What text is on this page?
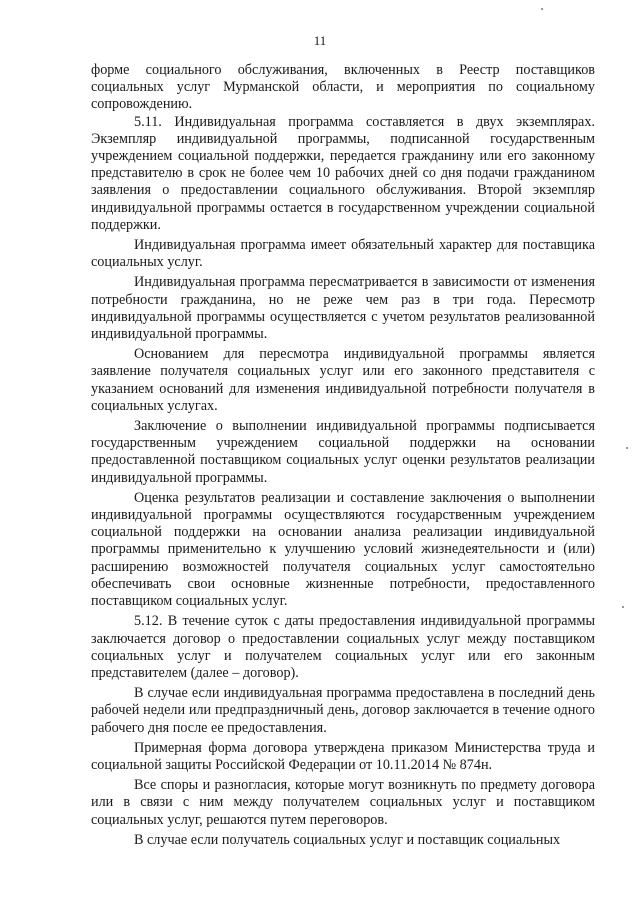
11

форме социального обслуживания, включенных в Реестр поставщиков социальных услуг Мурманской области, и мероприятия по социальному сопровождению.

5.11. Индивидуальная программа составляется в двух экземплярах. Экземпляр индивидуальной программы, подписанной государственным учреждением социальной поддержки, передается гражданину или его законному представителю в срок не более чем 10 рабочих дней со дня подачи гражданином заявления о предоставлении социального обслуживания. Второй экземпляр индивидуальной программы остается в государственном учреждении социальной поддержки.

Индивидуальная программа имеет обязательный характер для поставщика социальных услуг.

Индивидуальная программа пересматривается в зависимости от изменения потребности гражданина, но не реже чем раз в три года. Пересмотр индивидуальной программы осуществляется с учетом результатов реализованной индивидуальной программы.

Основанием для пересмотра индивидуальной программы является заявление получателя социальных услуг или его законного представителя с указанием оснований для изменения индивидуальной потребности получателя в социальных услугах.

Заключение о выполнении индивидуальной программы подписывается государственным учреждением социальной поддержки на основании предоставленной поставщиком социальных услуг оценки результатов реализации индивидуальной программы.

Оценка результатов реализации и составление заключения о выполнении индивидуальной программы осуществляются государственным учреждением социальной поддержки на основании анализа реализации индивидуальной программы применительно к улучшению условий жизнедеятельности и (или) расширению возможностей получателя социальных услуг самостоятельно обеспечивать свои основные жизненные потребности, предоставленного поставщиком социальных услуг.

5.12. В течение суток с даты предоставления индивидуальной программы заключается договор о предоставлении социальных услуг между поставщиком социальных услуг и получателем социальных услуг или его законным представителем (далее – договор).

В случае если индивидуальная программа предоставлена в последний день рабочей недели или предпраздничный день, договор заключается в течение одного рабочего дня после ее предоставления.

Примерная форма договора утверждена приказом Министерства труда и социальной защиты Российской Федерации от 10.11.2014 № 874н.

Все споры и разногласия, которые могут возникнуть по предмету договора или в связи с ним между получателем социальных услуг и поставщиком социальных услуг, решаются путем переговоров.

В случае если получатель социальных услуг и поставщик социальных
